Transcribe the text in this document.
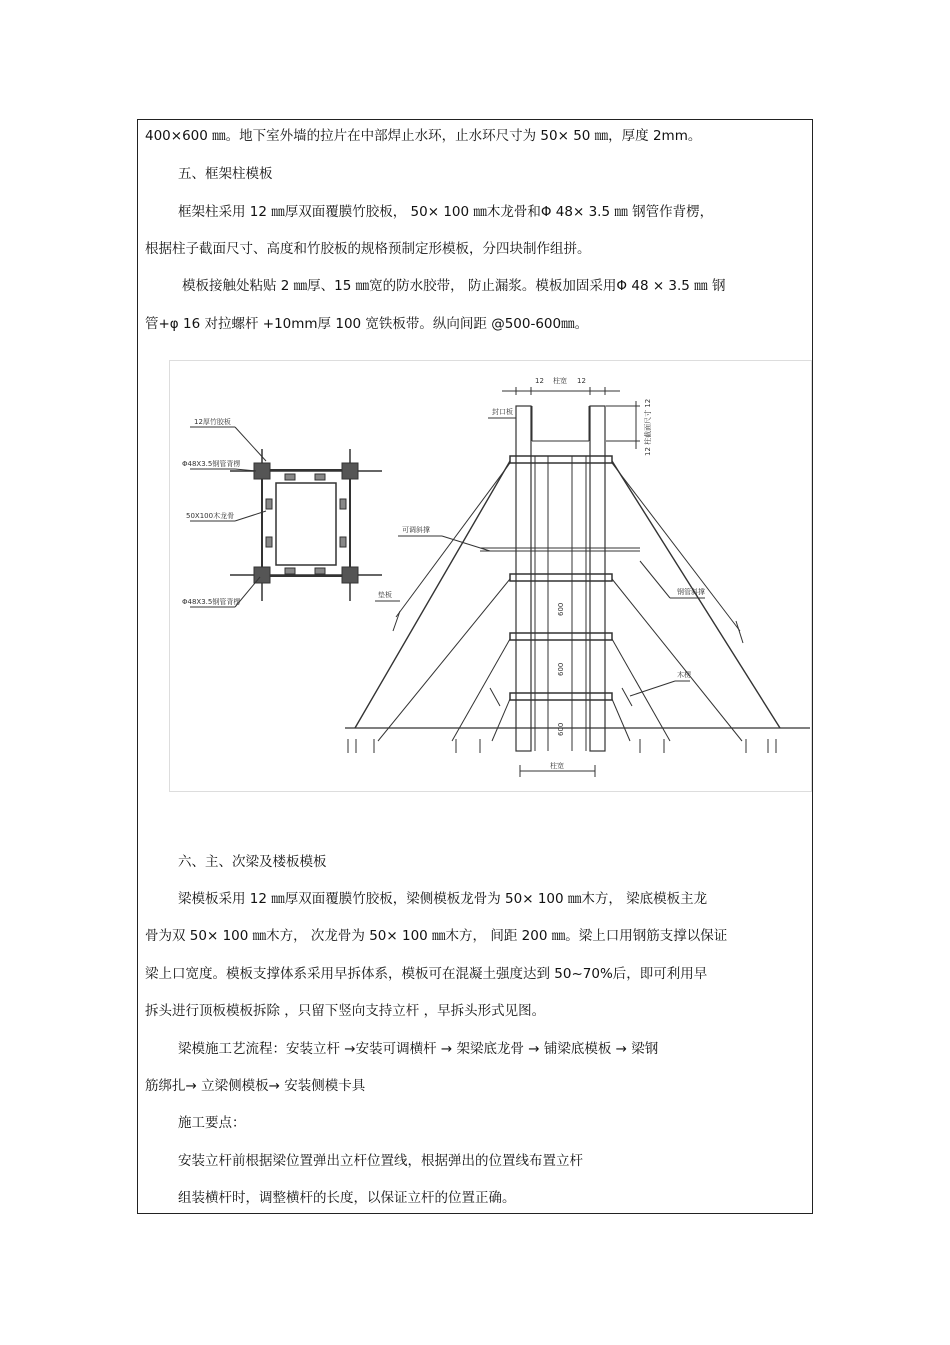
400×600 ㎜。地下室外墙的拉片在中部焊止水环，止水环尺寸为 50× 50 ㎜，厚度 2mm。
五、框架柱模板
框架柱采用 12 ㎜厚双面覆膜竹胶板， 50× 100 ㎜木龙骨和Φ 48× 3.5 ㎜ 钢管作背楞，
根据柱子截面尺寸、高度和竹胶板的规格预制定形模板，分四块制作组拼。
模板接触处粘贴 2 ㎜厚、15 ㎜宽的防水胶带， 防止漏浆。模板加固采用Φ 48 × 3.5 ㎜ 钢
管+φ 16 对拉螺杆 +10mm厚 100 宽铁板带。纵向间距 @500-600㎜。
12厚竹胶板
Φ48X3.5钢管背楞
50X100木龙骨
Φ48X3.5钢管背楞
12 柱宽 12
12 柱截面尺寸 12
封口板
可调斜撑
钢管斜撑
垫板
木楞
600
600
600
柱宽
六、主、次梁及楼板模板
梁模板采用 12 ㎜厚双面覆膜竹胶板，梁侧模板龙骨为 50× 100 ㎜木方， 梁底模板主龙
骨为双 50× 100 ㎜木方， 次龙骨为 50× 100 ㎜木方， 间距 200 ㎜。梁上口用钢筋支撑以保证
梁上口宽度。模板支撑体系采用早拆体系，模板可在混凝土强度达到 50~70%后，即可利用早
拆头进行顶板模板拆除 ，只留下竖向支持立杆 ，早拆头形式见图。
梁模施工艺流程：安装立杆 →安装可调横杆 → 架梁底龙骨 → 铺梁底模板 → 梁钢
筋绑扎→ 立梁侧模板→ 安装侧模卡具
施工要点：
安装立杆前根据梁位置弹出立杆位置线，根据弹出的位置线布置立杆
组装横杆时，调整横杆的长度，以保证立杆的位置正确。
